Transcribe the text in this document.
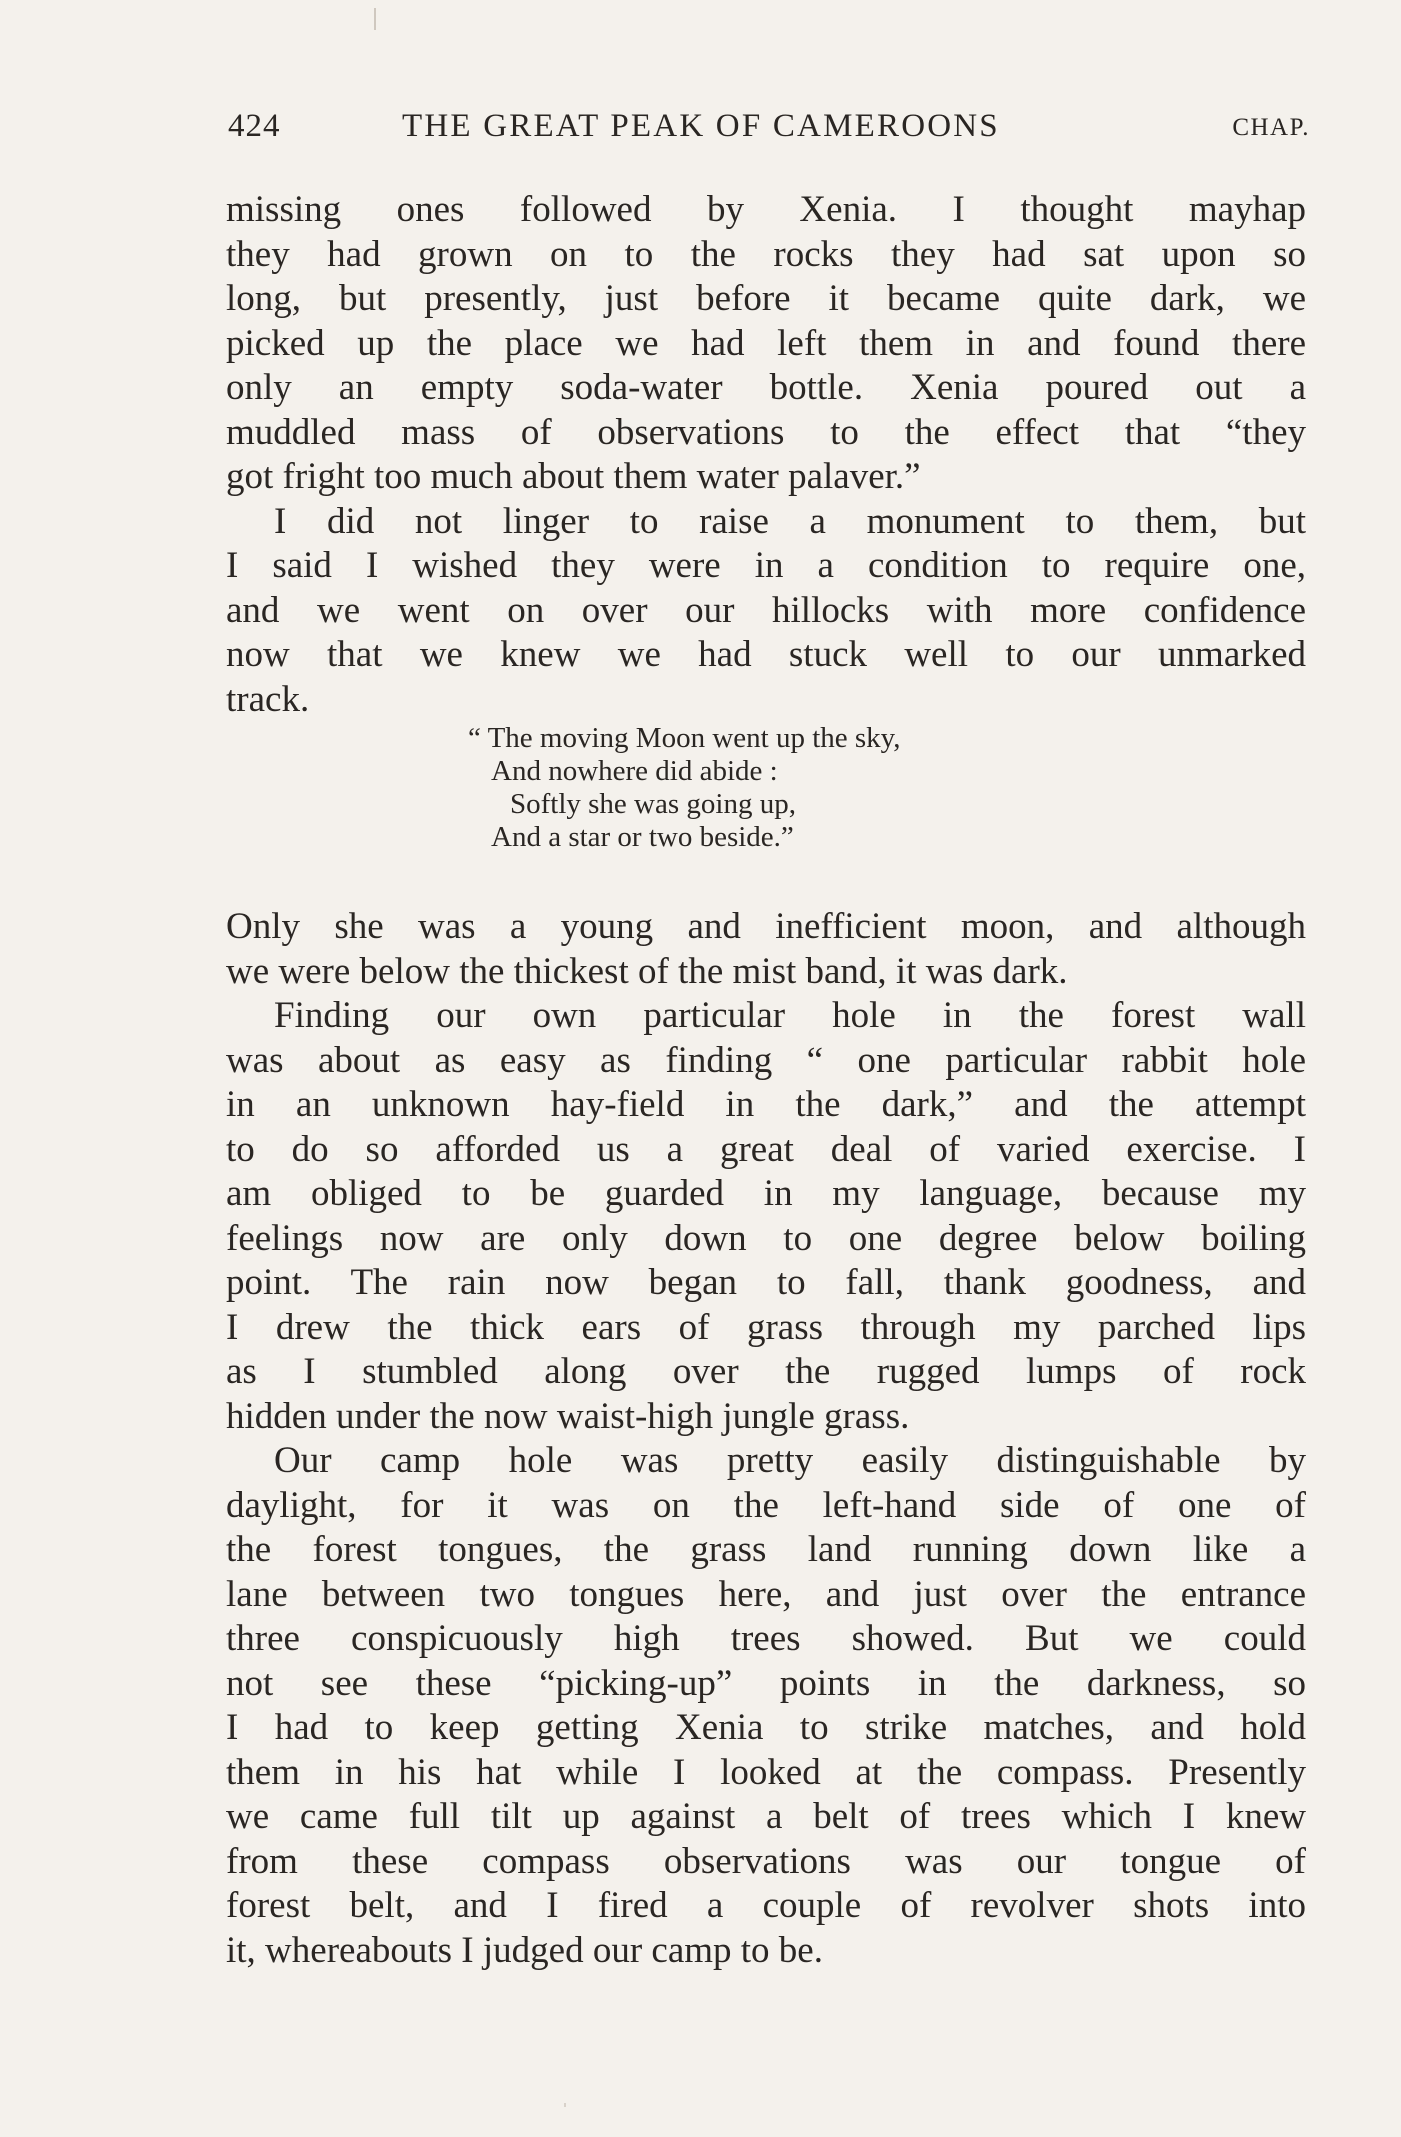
424	THE GREAT PEAK OF CAMEROONS	CHAP.
missing ones followed by Xenia. I thought mayhap
they had grown on to the rocks they had sat upon so
long, but presently, just before it became quite dark, we
picked up the place we had left them in and found there
only an empty soda-water bottle. Xenia poured out a
muddled mass of observations to the effect that “they
got fright too much about them water palaver.”
I did not linger to raise a monument to them, but
I said I wished they were in a condition to require one,
and we went on over our hillocks with more confidence
now that we knew we had stuck well to our unmarked
track.
“ The moving Moon went up the sky,
And nowhere did abide :
Softly she was going up,
And a star or two beside.”
Only she was a young and inefficient moon, and although
we were below the thickest of the mist band, it was dark.
Finding our own particular hole in the forest wall
was about as easy as finding “ one particular rabbit hole
in an unknown hay-field in the dark,” and the attempt
to do so afforded us a great deal of varied exercise. I
am obliged to be guarded in my language, because my
feelings now are only down to one degree below boiling
point. The rain now began to fall, thank goodness, and
I drew the thick ears of grass through my parched lips
as I stumbled along over the rugged lumps of rock
hidden under the now waist-high jungle grass.
Our camp hole was pretty easily distinguishable by
daylight, for it was on the left-hand side of one of
the forest tongues, the grass land running down like a
lane between two tongues here, and just over the entrance
three conspicuously high trees showed. But we could
not see these “picking-up” points in the darkness, so
I had to keep getting Xenia to strike matches, and hold
them in his hat while I looked at the compass. Presently
we came full tilt up against a belt of trees which I knew
from these compass observations was our tongue of
forest belt, and I fired a couple of revolver shots into
it, whereabouts I judged our camp to be.
